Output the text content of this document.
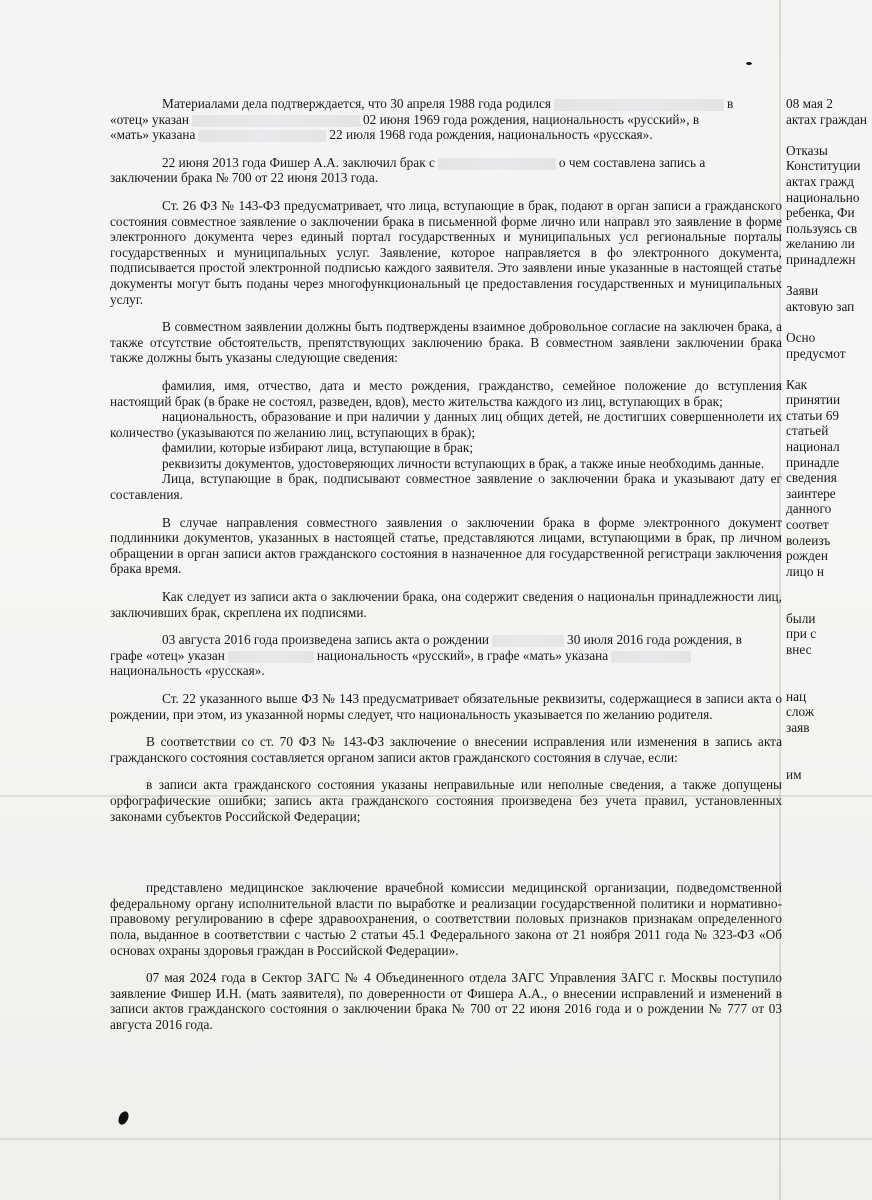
Материалами дела подтверждается, что 30 апреля 1988 года родился	в
«отец» указан	02 июня 1969 года рождения, национальность «русский», в
«мать» указана	22 июля 1968 года рождения, национальность «русская».
22 июня 2013 года Фишер А.А. заключил брак с	о чем составлена запись а
заключении брака № 700 от 22 июня 2013 года.
Ст. 26 ФЗ № 143-ФЗ предусматривает, что лица, вступающие в брак, подают в орган записи а гражданского состояния совместное заявление о заключении брака в письменной форме лично или направл это заявление в форме электронного документа через единый портал государственных и муниципальных усл региональные порталы государственных и муниципальных услуг. Заявление, которое направляется в фо электронного документа, подписывается простой электронной подписью каждого заявителя. Это заявлени иные указанные в настоящей статье документы могут быть поданы через многофункциональный це предоставления государственных и муниципальных услуг.
В совместном заявлении должны быть подтверждены взаимное добровольное согласие на заключен брака, а также отсутствие обстоятельств, препятствующих заключению брака. В совместном заявлени заключении брака также должны быть указаны следующие сведения:
фамилия, имя, отчество, дата и место рождения, гражданство, семейное положение до вступления настоящий брак (в браке не состоял, разведен, вдов), место жительства каждого из лиц, вступающих в брак;
национальность, образование и при наличии у данных лиц общих детей, не достигших совершеннолети их количество (указываются по желанию лиц, вступающих в брак);
фамилии, которые избирают лица, вступающие в брак;
реквизиты документов, удостоверяющих личности вступающих в брак, а также иные необходимь данные.
Лица, вступающие в брак, подписывают совместное заявление о заключении брака и указывают дату ег составления.
В случае направления совместного заявления о заключении брака в форме электронного документ подлинники документов, указанных в настоящей статье, представляются лицами, вступающими в брак, пр личном обращении в орган записи актов гражданского состояния в назначенное для государственной регистраци заключения брака время.
Как следует из записи акта о заключении брака, она содержит сведения о национальн принадлежности лиц, заключивших брак, скреплена их подписями.
03 августа 2016 года произведена запись акта о рождении	30 июля 2016 года рождения, в
графе «отец» указан	национальность «русский», в графе «мать» указана
национальность «русская».
Ст. 22 указанного выше ФЗ № 143 предусматривает обязательные реквизиты, содержащиеся в записи акта о рождении, при этом, из указанной нормы следует, что национальность указывается по желанию родителя.
В соответствии со ст. 70 ФЗ № 143-ФЗ заключение о внесении исправления или изменения в запись акта гражданского состояния составляется органом записи актов гражданского состояния в случае, если:
в записи акта гражданского состояния указаны неправильные или неполные сведения, а также допущены орфографические ошибки; запись акта гражданского состояния произведена без учета правил, установленных законами субъектов Российской Федерации;
представлено медицинское заключение врачебной комиссии медицинской организации, подведомственной федеральному органу исполнительной власти по выработке и реализации государственной политики и нормативно-правовому регулированию в сфере здравоохранения, о соответствии половых признаков признакам определенного пола, выданное в соответствии с частью 2 статьи 45.1 Федерального закона от 21 ноября 2011 года № 323-ФЗ «Об основах охраны здоровья граждан в Российской Федерации».
07 мая 2024 года в Сектор ЗАГС № 4 Объединенного отдела ЗАГС Управления ЗАГС г. Москвы поступило заявление Фишер И.Н. (мать заявителя), по доверенности от Фишера А.А., о внесении исправлений и изменений в записи актов гражданского состояния о заключении брака № 700 от 22 июня 2016 года и о рождении № 777 от 03 августа 2016 года.
08 мая 2
актах граждан
Отказы
Конституции
актах гражд
национально
ребенка, Фи
пользуясь св
желанию ли
принадлежн
Заяви
актовую зап
Осно
предусмот
Как
принятии
статьи 69
статьей
национал
принадле
сведения
заинтере
данного
соответ
волеизъ
рожден
лицо н
были
при с
внес
нац
слож
заяв
им
